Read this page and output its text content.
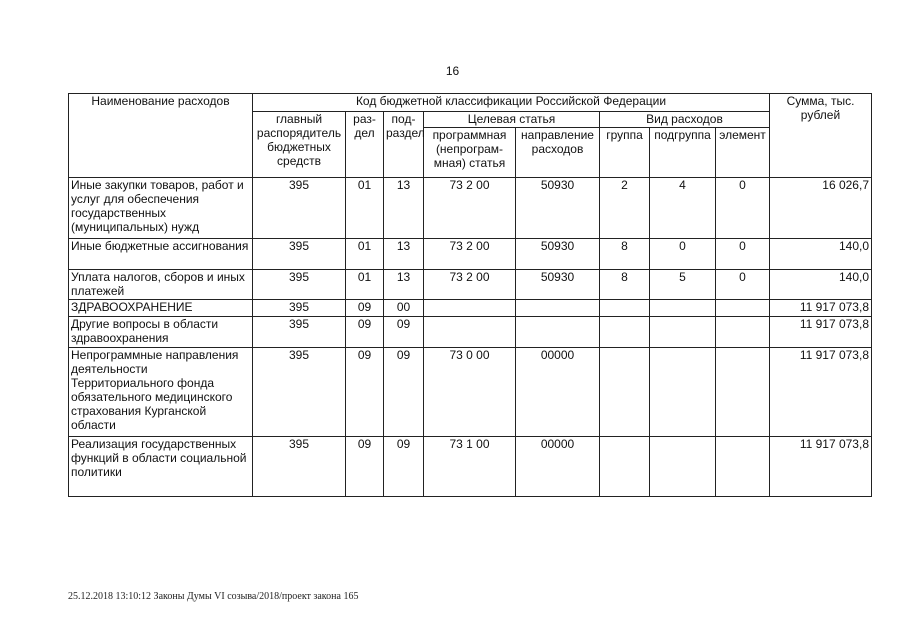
16
Наименование расходов	Код бюджетной классификации Российской Федерации								Сумма, тыс. рублей
	главный распорядитель бюджетных средств	раз-дел	под-раздел	Целевая статья		Вид расходов			
				программная (непрограм-мная) статья	направление расходов	группа	подгруппа	элемент	
Иные закупки товаров, работ и услуг для обеспечения государственных (муниципальных) нужд	395	01	13	73 2 00	50930	2	4	0	16 026,7
Иные бюджетные ассигнования	395	01	13	73 2 00	50930	8	0	0	140,0
Уплата налогов, сборов и иных платежей	395	01	13	73 2 00	50930	8	5	0	140,0
ЗДРАВООХРАНЕНИЕ	395	09	00						11 917 073,8
Другие вопросы в области здравоохранения	395	09	09						11 917 073,8
Непрограммные направления деятельности Территориального фонда обязательного медицинского страхования Курганской области	395	09	09	73 0 00	00000				11 917 073,8
Реализация государственных функций в области социальной политики	395	09	09	73 1 00	00000				11 917 073,8
25.12.2018 13:10:12 Законы Думы VI созыва/2018/проект закона 165
